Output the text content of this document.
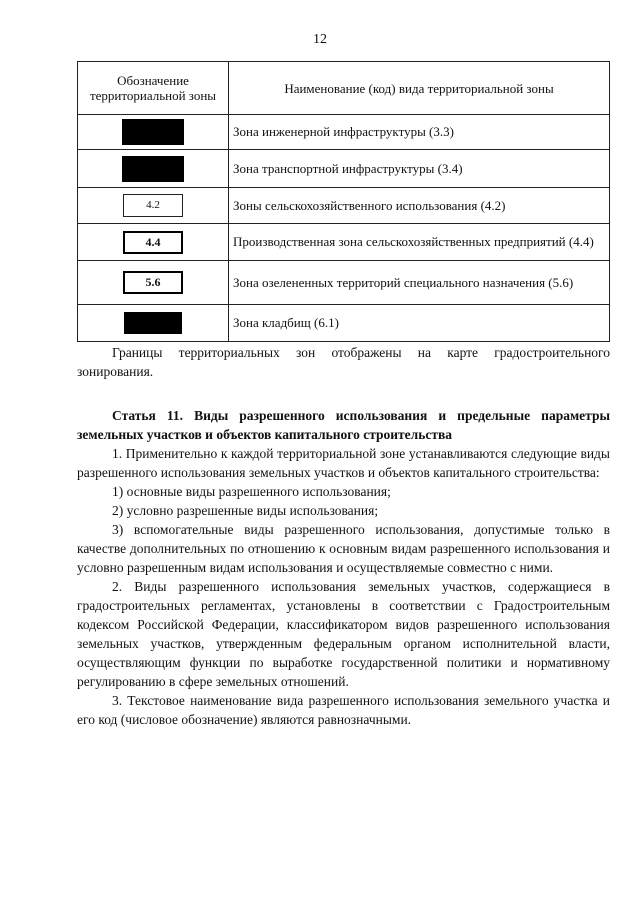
12
Обозначение территориальной зоны	Наименование (код) вида территориальной зоны
	Зона инженерной инфраструктуры (3.3)
	Зона транспортной инфраструктуры (3.4)
4.2	Зоны сельскохозяйственного использования (4.2)
4.4	Производственная зона сельскохозяйственных предприятий (4.4)
5.6	Зона озелененных территорий специального назначения (5.6)
	Зона кладбищ (6.1)

Границы территориальных зон отображены на карте градостроительного зонирования.

Статья 11. Виды разрешенного использования и предельные параметры земельных участков и объектов капитального строительства

1. Применительно к каждой территориальной зоне устанавливаются следующие виды разрешенного использования земельных участков и объектов капитального строительства:

1) основные виды разрешенного использования;

2) условно разрешенные виды использования;

3) вспомогательные виды разрешенного использования, допустимые только в качестве дополнительных по отношению к основным видам разрешенного использования и условно разрешенным видам использования и осуществляемые совместно с ними.

2. Виды разрешенного использования земельных участков, содержащиеся в градостроительных регламентах, установлены в соответствии с Градостроительным кодексом Российской Федерации, классификатором видов разрешенного использования земельных участков, утвержденным федеральным органом исполнительной власти, осуществляющим функции по выработке государственной политики и нормативному регулированию в сфере земельных отношений.

3. Текстовое наименование вида разрешенного использования земельного участка и его код (числовое обозначение) являются равнозначными.
